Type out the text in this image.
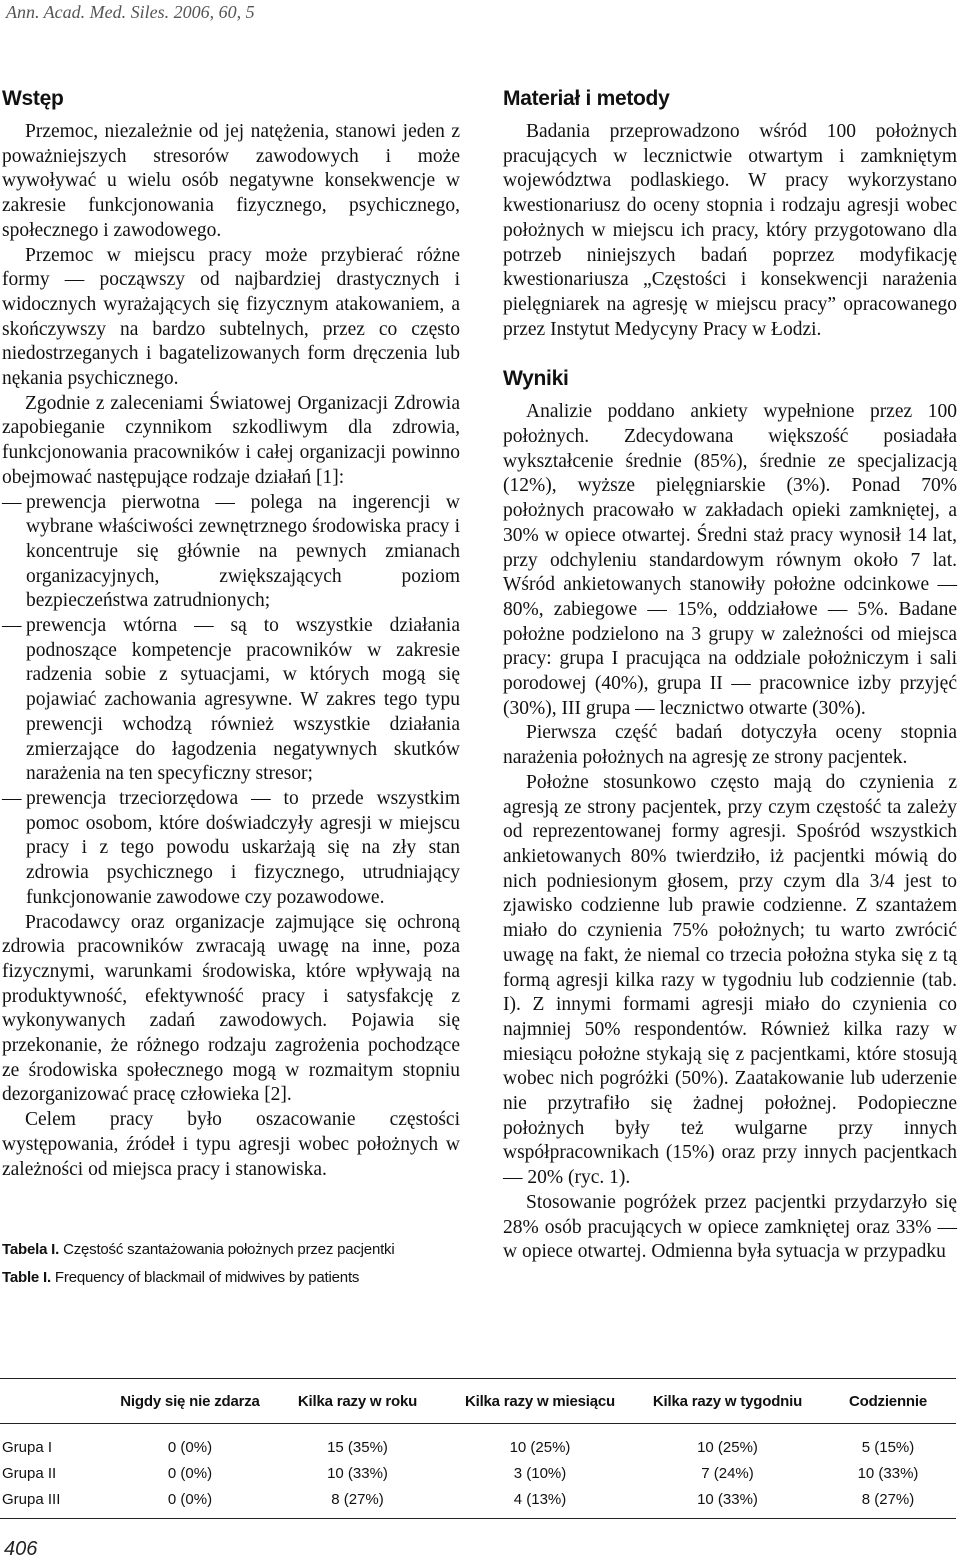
Ann. Acad. Med. Siles. 2006, 60, 5
Wstęp

Przemoc, niezależnie od jej natężenia, stanowi jeden z poważniejszych stresorów zawodowych i może wywoływać u wielu osób negatywne konsekwencje w zakresie funkcjonowania fizycznego, psychicznego, społecznego i zawodowego.

Przemoc w miejscu pracy może przybierać różne formy — począwszy od najbardziej drastycznych i widocznych wyrażających się fizycznym atakowaniem, a skończywszy na bardzo subtelnych, przez co często niedostrzeganych i bagatelizowanych form dręczenia lub nękania psychicznego.

Zgodnie z zaleceniami Światowej Organizacji Zdrowia zapobieganie czynnikom szkodliwym dla zdrowia, funkcjonowania pracowników i całej organizacji powinno obejmować następujące rodzaje działań [1]:

— prewencja pierwotna — polega na ingerencji w wybrane właściwości zewnętrznego środowiska pracy i koncentruje się głównie na pewnych zmianach organizacyjnych, zwiększających poziom bezpieczeństwa zatrudnionych;
— prewencja wtórna — są to wszystkie działania podnoszące kompetencje pracowników w zakresie radzenia sobie z sytuacjami, w których mogą się pojawiać zachowania agresywne. W zakres tego typu prewencji wchodzą również wszystkie działania zmierzające do łagodzenia negatywnych skutków narażenia na ten specyficzny stresor;
— prewencja trzeciorzędowa — to przede wszystkim pomoc osobom, które doświadczyły agresji w miejscu pracy i z tego powodu uskarżają się na zły stan zdrowia psychicznego i fizycznego, utrudniający funkcjonowanie zawodowe czy pozawodowe.

Pracodawcy oraz organizacje zajmujące się ochroną zdrowia pracowników zwracają uwagę na inne, poza fizycznymi, warunkami środowiska, które wpływają na produktywność, efektywność pracy i satysfakcję z wykonywanych zadań zawodowych. Pojawia się przekonanie, że różnego rodzaju zagrożenia pochodzące ze środowiska społecznego mogą w rozmaitym stopniu dezorganizować pracę człowieka [2].

Celem pracy było oszacowanie częstości występowania, źródeł i typu agresji wobec położnych w zależności od miejsca pracy i stanowiska.

Materiał i metody

Badania przeprowadzono wśród 100 położnych pracujących w lecznictwie otwartym i zamkniętym województwa podlaskiego. W pracy wykorzystano kwestionariusz do oceny stopnia i rodzaju agresji wobec położnych w miejscu ich pracy, który przygotowano dla potrzeb niniejszych badań poprzez modyfikację kwestionariusza „Częstości i konsekwencji narażenia pielęgniarek na agresję w miejscu pracy” opracowanego przez Instytut Medycyny Pracy w Łodzi.

Wyniki

Analizie poddano ankiety wypełnione przez 100 położnych. Zdecydowana większość posiadała wykształcenie średnie (85%), średnie ze specjalizacją (12%), wyższe pielęgniarskie (3%). Ponad 70% położnych pracowało w zakładach opieki zamkniętej, a 30% w opiece otwartej. Średni staż pracy wynosił 14 lat, przy odchyleniu standardowym równym około 7 lat. Wśród ankietowanych stanowiły położne odcinkowe — 80%, zabiegowe — 15%, oddziałowe — 5%. Badane położne podzielono na 3 grupy w zależności od miejsca pracy: grupa I pracująca na oddziale położniczym i sali porodowej (40%), grupa II — pracownice izby przyjęć (30%), III grupa — lecznictwo otwarte (30%).

Pierwsza część badań dotyczyła oceny stopnia narażenia położnych na agresję ze strony pacjentek.

Położne stosunkowo często mają do czynienia z agresją ze strony pacjentek, przy czym częstość ta zależy od reprezentowanej formy agresji. Spośród wszystkich ankietowanych 80% twierdziło, iż pacjentki mówią do nich podniesionym głosem, przy czym dla 3/4 jest to zjawisko codzienne lub prawie codzienne. Z szantażem miało do czynienia 75% położnych; tu warto zwrócić uwagę na fakt, że niemal co trzecia położna styka się z tą formą agresji kilka razy w tygodniu lub codziennie (tab. I). Z innymi formami agresji miało do czynienia co najmniej 50% respondentów. Również kilka razy w miesiącu położne stykają się z pacjentkami, które stosują wobec nich pogróżki (50%). Zaatakowanie lub uderzenie nie przytrafiło się żadnej położnej. Podopieczne położnych były też wulgarne przy innych współpracownikach (15%) oraz przy innych pacjentkach — 20% (ryc. 1).

Stosowanie pogróżek przez pacjentki przydarzyło się 28% osób pracujących w opiece zamkniętej oraz 33% — w opiece otwartej. Odmienna była sytuacja w przypadku

Tabela I. Częstość szantażowania położnych przez pacjentki
Table I. Frequency of blackmail of midwives by patients
	Nigdy się nie zdarza	Kilka razy w roku	Kilka razy w miesiącu	Kilka razy w tygodniu	Codziennie
Grupa I	0 (0%)	15 (35%)	10 (25%)	10 (25%)	5 (15%)
Grupa II	0 (0%)	10 (33%)	3 (10%)	7 (24%)	10 (33%)
Grupa III	0 (0%)	8 (27%)	4 (13%)	10 (33%)	8 (27%)
406
